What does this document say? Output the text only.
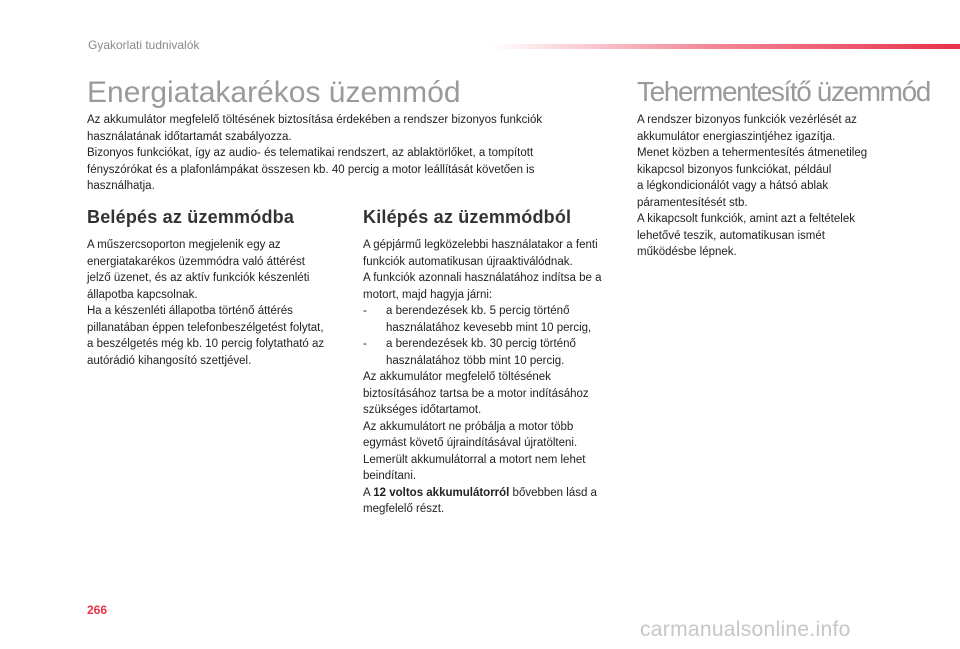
Gyakorlati tudnivalók
Energiatakarékos üzemmód
Az akkumulátor megfelelő töltésének biztosítása érdekében a rendszer bizonyos funkciók
használatának időtartamát szabályozza.
Bizonyos funkciókat, így az audio- és telematikai rendszert, az ablaktörlőket, a tompított
fényszórókat és a plafonlámpákat összesen kb. 40 percig a motor leállítását követően is
használhatja.
Belépés az üzemmódba
A műszercsoporton megjelenik egy az
energiatakarékos üzemmódra való áttérést
jelző üzenet, és az aktív funkciók készenléti
állapotba kapcsolnak.
Ha a készenléti állapotba történő áttérés
pillanatában éppen telefonbeszélgetést folytat,
a beszélgetés még kb. 10 percig folytatható az
autórádió kihangosító szettjével.
Kilépés az üzemmódból
A gépjármű legközelebbi használatakor a fenti
funkciók automatikusan újraaktiválódnak.
A funkciók azonnali használatához indítsa be a
motort, majd hagyja járni:
-	a berendezések kb. 5 percig történő
használatához kevesebb mint 10 percig,
-	a berendezések kb. 30 percig történő
használatához több mint 10 percig.
Az akkumulátor megfelelő töltésének
biztosításához tartsa be a motor indításához
szükséges időtartamot.
Az akkumulátort ne próbálja a motor több
egymást követő újraindításával újratölteni.
Lemerült akkumulátorral a motort nem lehet
beindítani.
A 12 voltos akkumulátorról bővebben lásd a
megfelelő részt.
Tehermentesítő üzemmód
A rendszer bizonyos funkciók vezérlését az
akkumulátor energiaszintjéhez igazítja.
Menet közben a tehermentesítés átmenetileg
kikapcsol bizonyos funkciókat, például
a légkondicionálót vagy a hátsó ablak
páramentesítését stb.
A kikapcsolt funkciók, amint azt a feltételek
lehetővé teszik, automatikusan ismét
működésbe lépnek.
266
carmanualsonline.info
